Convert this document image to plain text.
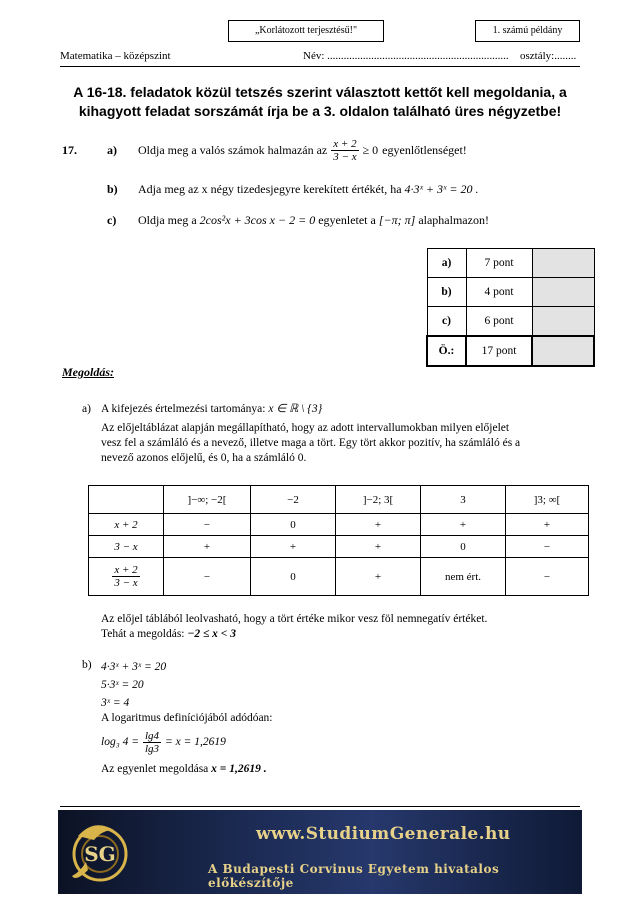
„Korlátozott terjesztésű!"	1. számú példány
Matematika – középszint	Név: .................................................................. osztály:........
A 16-18. feladatok közül tetszés szerint választott kettőt kell megoldania, a
kihagyott feladat sorszámát írja be a 3. oldalon található üres négyzetbe!
17.	a) Oldja meg a valós számok halmazán az $\frac{x + 2}{3 - x} \ge 0$ egyenlőtlenséget!
b) Adja meg az x négy tizedesjegyre kerekített értékét, ha 4·3ˣ + 3ˣ = 20 .
c) Oldja meg a 2cos²x + 3cos x − 2 = 0 egyenletet a [−π; π] alaphalmazon!
a)	7 pont	
b)	4 pont	
c)	6 pont	
Ö.:	17 pont	
Megoldás:
a) A kifejezés értelmezési tartománya: x ∈ ℝ \ {3}
Az előjeltáblázat alapján megállapítható, hogy az adott intervallumokban milyen előjelet
vesz fel a számláló és a nevező, illetve maga a tört. Egy tört akkor pozitív, ha számláló és a
nevező azonos előjelű, és 0, ha a számláló 0.
	]−∞; −2[	−2	]−2; 3[	3	]3; ∞[
x + 2	−	0	+	+	+
3 − x	+	+	+	0	−

$\frac{x + 2}{3 - x}$	−	0	+	nem ért.	−
Az előjel táblából leolvasható, hogy a tört értéke mikor vesz föl nemnegatív értéket.
Tehát a megoldás: −2 ≤ x < 3
b) 4·3ˣ + 3ˣ = 20
5·3ˣ = 20
3ˣ = 4
A logaritmus definíciójából adódóan:
log₃ $4 = \frac{\lg 4}{\lg 3} = x = 1,2619$
Az egyenlet megoldása x = 1,2619 .
SG
www.StudiumGenerale.hu
A Budapesti Corvinus Egyetem hivatalos előkészítője
